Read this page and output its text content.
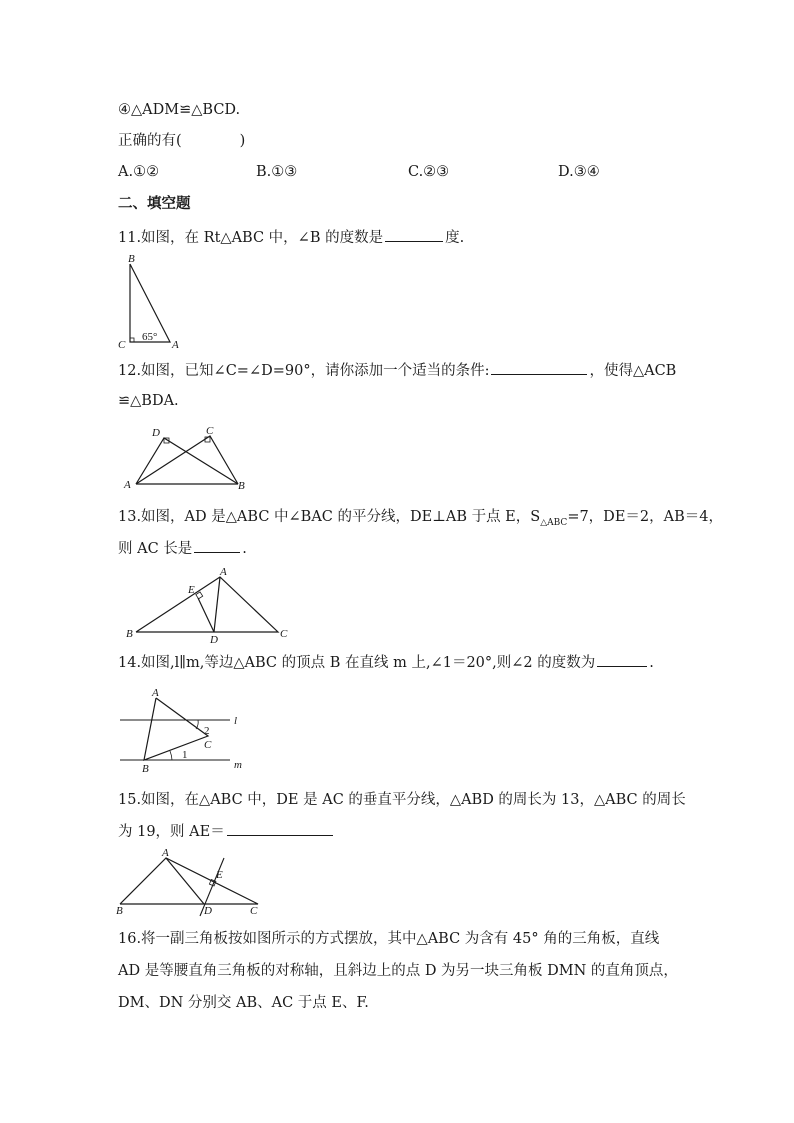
④△ADM≌△BCD.
正确的有(	)
A.①②	B.①③	C.②③	D.③④
二、填空题
11.如图，在 Rt△ABC 中，∠B 的度数是	度.
B
C	A
65°
12.如图，已知∠C=∠D=90°，请你添加一个适当的条件:	，使得△ACB
≌△BDA.
D	C
A	B
13.如图，AD 是△ABC 中∠BAC 的平分线，DE⊥AB 于点 E，$S_{\triangle ABC}=7$，DE＝2，AB＝4，
则 AC 长是	.
A
E
B	D	C
14.如图,l∥m,等边△ABC 的顶点 B 在直线 m 上,∠1＝20°,则∠2 的度数为	.
A
2
l
C
1
B	m
15.如图，在△ABC 中，DE 是 AC 的垂直平分线，△ABD 的周长为 13，△ABC 的周长
为 19，则 AE＝
A
E
B	D	C
16.将一副三角板按如图所示的方式摆放，其中△ABC 为含有 45° 角的三角板，直线
AD 是等腰直角三角板的对称轴，且斜边上的点 D 为另一块三角板 DMN 的直角顶点，
DM、DN 分别交 AB、AC 于点 E、F.
